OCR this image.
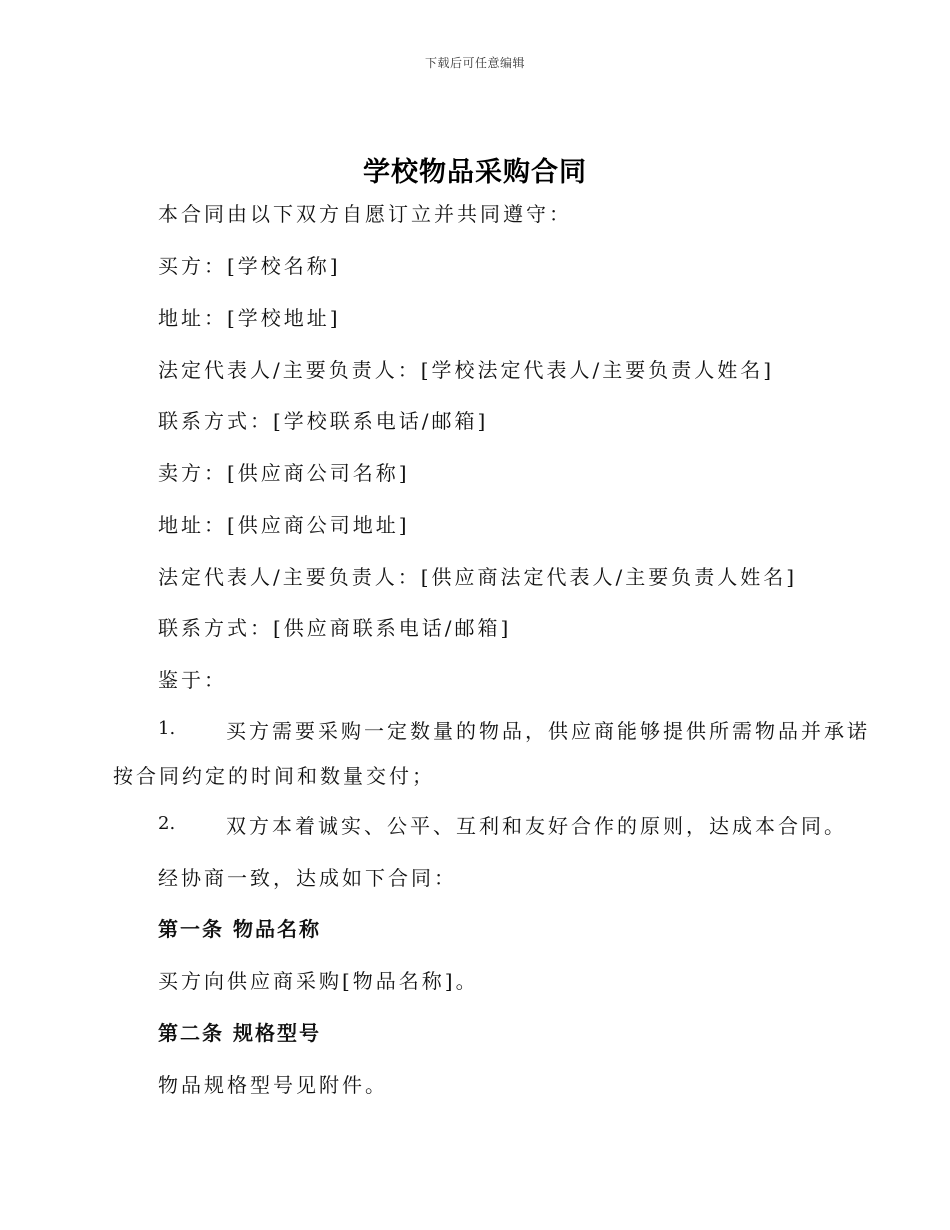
下载后可任意编辑
学校物品采购合同
本合同由以下双方自愿订立并共同遵守：
买方：[学校名称]
地址：[学校地址]
法定代表人/主要负责人：[学校法定代表人/主要负责人姓名]
联系方式：[学校联系电话/邮箱]
卖方：[供应商公司名称]
地址：[供应商公司地址]
法定代表人/主要负责人：[供应商法定代表人/主要负责人姓名]
联系方式：[供应商联系电话/邮箱]
鉴于：
1.	买方需要采购一定数量的物品，供应商能够提供所需物品并承诺
按合同约定的时间和数量交付；
2.	双方本着诚实、公平、互利和友好合作的原则，达成本合同。
经协商一致，达成如下合同：
第一条 物品名称
买方向供应商采购[物品名称]。
第二条 规格型号
物品规格型号见附件。
